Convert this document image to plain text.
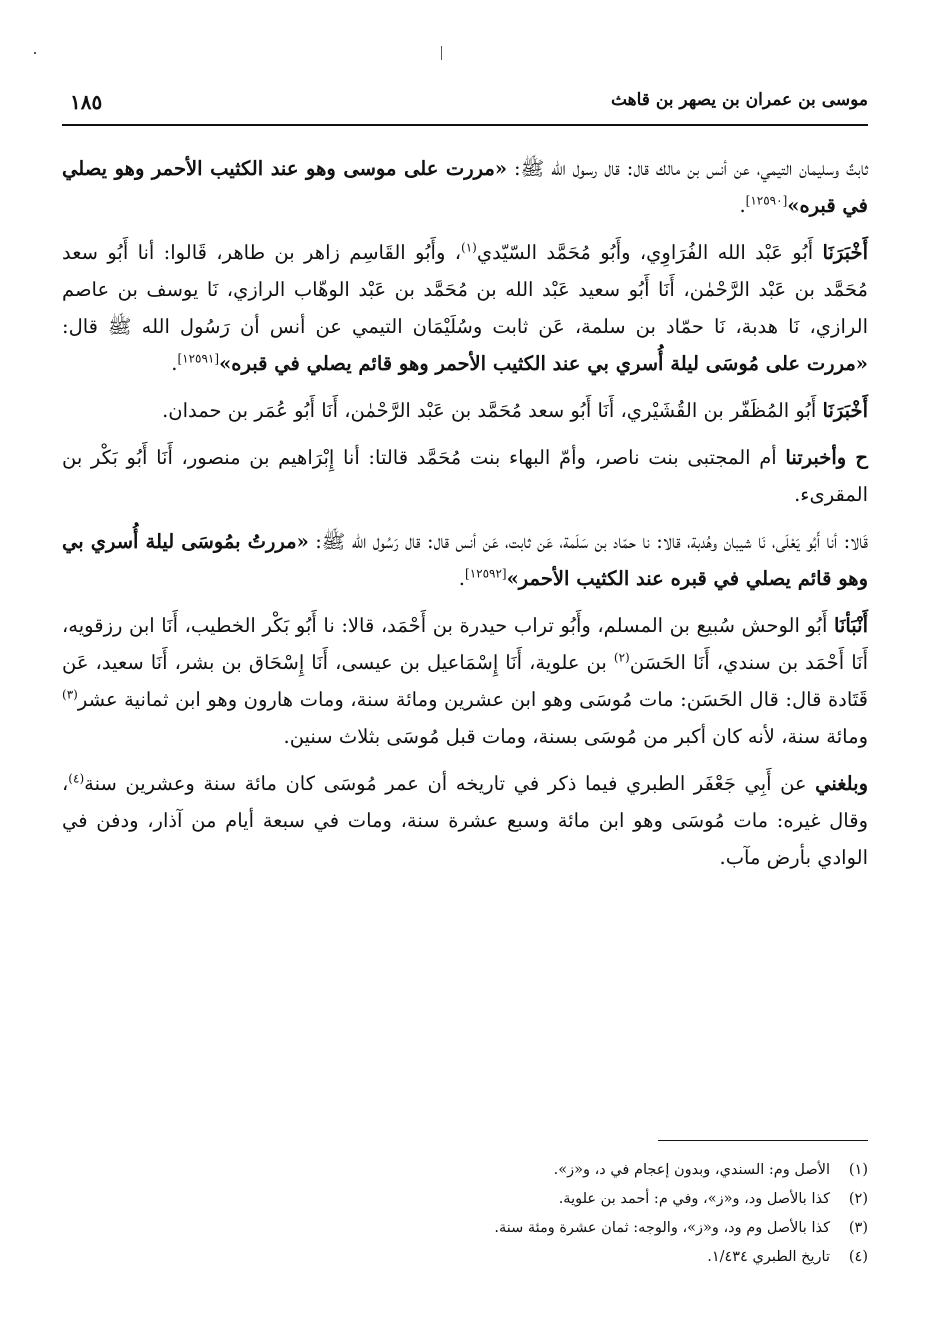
موسى بن عمران بن يصهر بن قاهث
١٨٥

ثابتٌ وسليمان التيمي، عن أنس بن مالك قال: قال رسول الله ﷺ: «مررت على موسى وهو عند الكثيب الأحمر وهو يصلي في قبره»[١٢٥٩٠].

أَخْبَرَنَا أَبُو عَبْد الله الفُرَاوِي، وأَبُو مُحَمَّد السّيّدي$^{(١)}$، وأَبُو القَاسِم زاهر بن طاهر، قَالوا: أنا أَبُو سعد مُحَمَّد بن عَبْد الرَّحْمٰن، أَنَا أَبُو سعيد عَبْد الله بن مُحَمَّد بن عَبْد الوهّاب الرازي، نَا يوسف بن عاصم الرازي، نَا هدبة، نَا حمّاد بن سلمة، عَن ثابت وسُلَيْمَان التيمي عن أنس أن رَسُول الله ﷺ قال: «مررت على مُوسَى ليلة أُسري بي عند الكثيب الأحمر وهو قائم يصلي في قبره»[١٢٥٩١].

أَخْبَرَنَا أَبُو المُظَفّر بن القُشَيْري، أَنَا أَبُو سعد مُحَمَّد بن عَبْد الرَّحْمٰن، أَنَا أَبُو عُمَر بن حمدان.

ح وأخبرتنا أم المجتبى بنت ناصر، وأمّ البهاء بنت مُحَمَّد قالتا: أنا إِبْرَاهيم بن منصور، أَنَا أَبُو بَكْر بن المقرىء.

قَالا: أنا أَبُو يَعْلَى، نَا شيبان وهُدبة، قالا: نا حمّاد بن سَلَمة، عَن ثابت، عَن أنس قال: قال رَسُول الله ﷺ: «مررتُ بمُوسَى ليلة أُسري بي وهو قائم يصلي في قبره عند الكثيب الأحمر»[١٢٥٩٢].

أَنْبَأنَا أَبُو الوحش سُبيع بن المسلم، وأَبُو تراب حيدرة بن أَحْمَد، قالا: نا أَبُو بَكْر الخطيب، أَنَا ابن رزقويه، أَنَا أَحْمَد بن سندي، أَنَا الحَسَن$^{(٢)}$ بن علوية، أَنَا إِسْمَاعيل بن عيسى، أَنَا إِسْحَاق بن بشر، أَنَا سعيد، عَن قَتَادة قال: قال الحَسَن: مات مُوسَى وهو ابن عشرين ومائة سنة، ومات هارون وهو ابن ثمانية عشر$^{(٣)}$ ومائة سنة، لأنه كان أكبر من مُوسَى بسنة، ومات قبل مُوسَى بثلاث سنين.

وبلغني عن أَبِي جَعْفَر الطبري فيما ذكر في تاريخه أن عمر مُوسَى كان مائة سنة وعشرين سنة$^{(٤)}$، وقال غيره: مات مُوسَى وهو ابن مائة وسبع عشرة سنة، ومات في سبعة أيام من آذار، ودفن في الوادي بأرض مآب.

(١)الأصل وم: السندي، وبدون إعجام في د، و«ز».

(٢)كذا بالأصل ود، و«ز»، وفي م: أحمد بن علوية.

(٣)كذا بالأصل وم ود، و«ز»، والوجه: ثمان عشرة ومئة سنة.

(٤)تاريخ الطبري ١/٤٣٤.
